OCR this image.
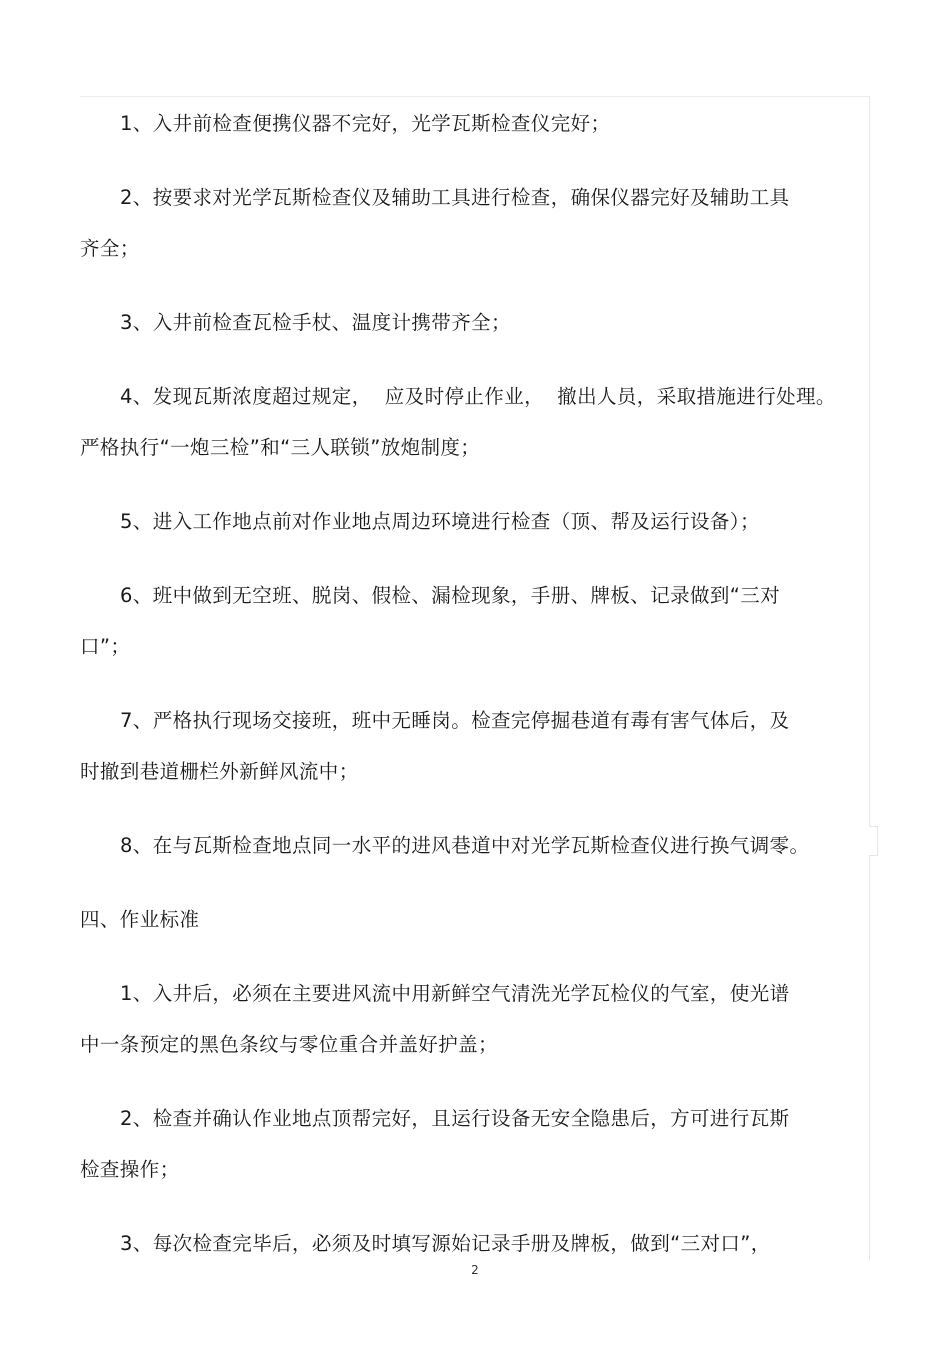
1、入井前检查便携仪器不完好，光学瓦斯检查仪完好；

2、按要求对光学瓦斯检查仪及辅助工具进行检查，确保仪器完好及辅助工具

齐全；

3、入井前检查瓦检手杖、温度计携带齐全；

4、发现瓦斯浓度超过规定，  应及时停止作业，  撤出人员，采取措施进行处理。

严格执行“一炮三检”和“三人联锁”放炮制度；

5、进入工作地点前对作业地点周边环境进行检查（顶、帮及运行设备）；

6、班中做到无空班、脱岗、假检、漏检现象，手册、牌板、记录做到“三对

口”；

7、严格执行现场交接班，班中无睡岗。检查完停掘巷道有毒有害气体后，及

时撤到巷道栅栏外新鲜风流中；

8、在与瓦斯检查地点同一水平的进风巷道中对光学瓦斯检查仪进行换气调零。

四、作业标准

1、入井后，必须在主要进风流中用新鲜空气清洗光学瓦检仪的气室，使光谱

中一条预定的黑色条纹与零位重合并盖好护盖；

2、检查并确认作业地点顶帮完好，且运行设备无安全隐患后，方可进行瓦斯

检查操作；

3、每次检查完毕后，必须及时填写源始记录手册及牌板，做到“三对口”，

2
